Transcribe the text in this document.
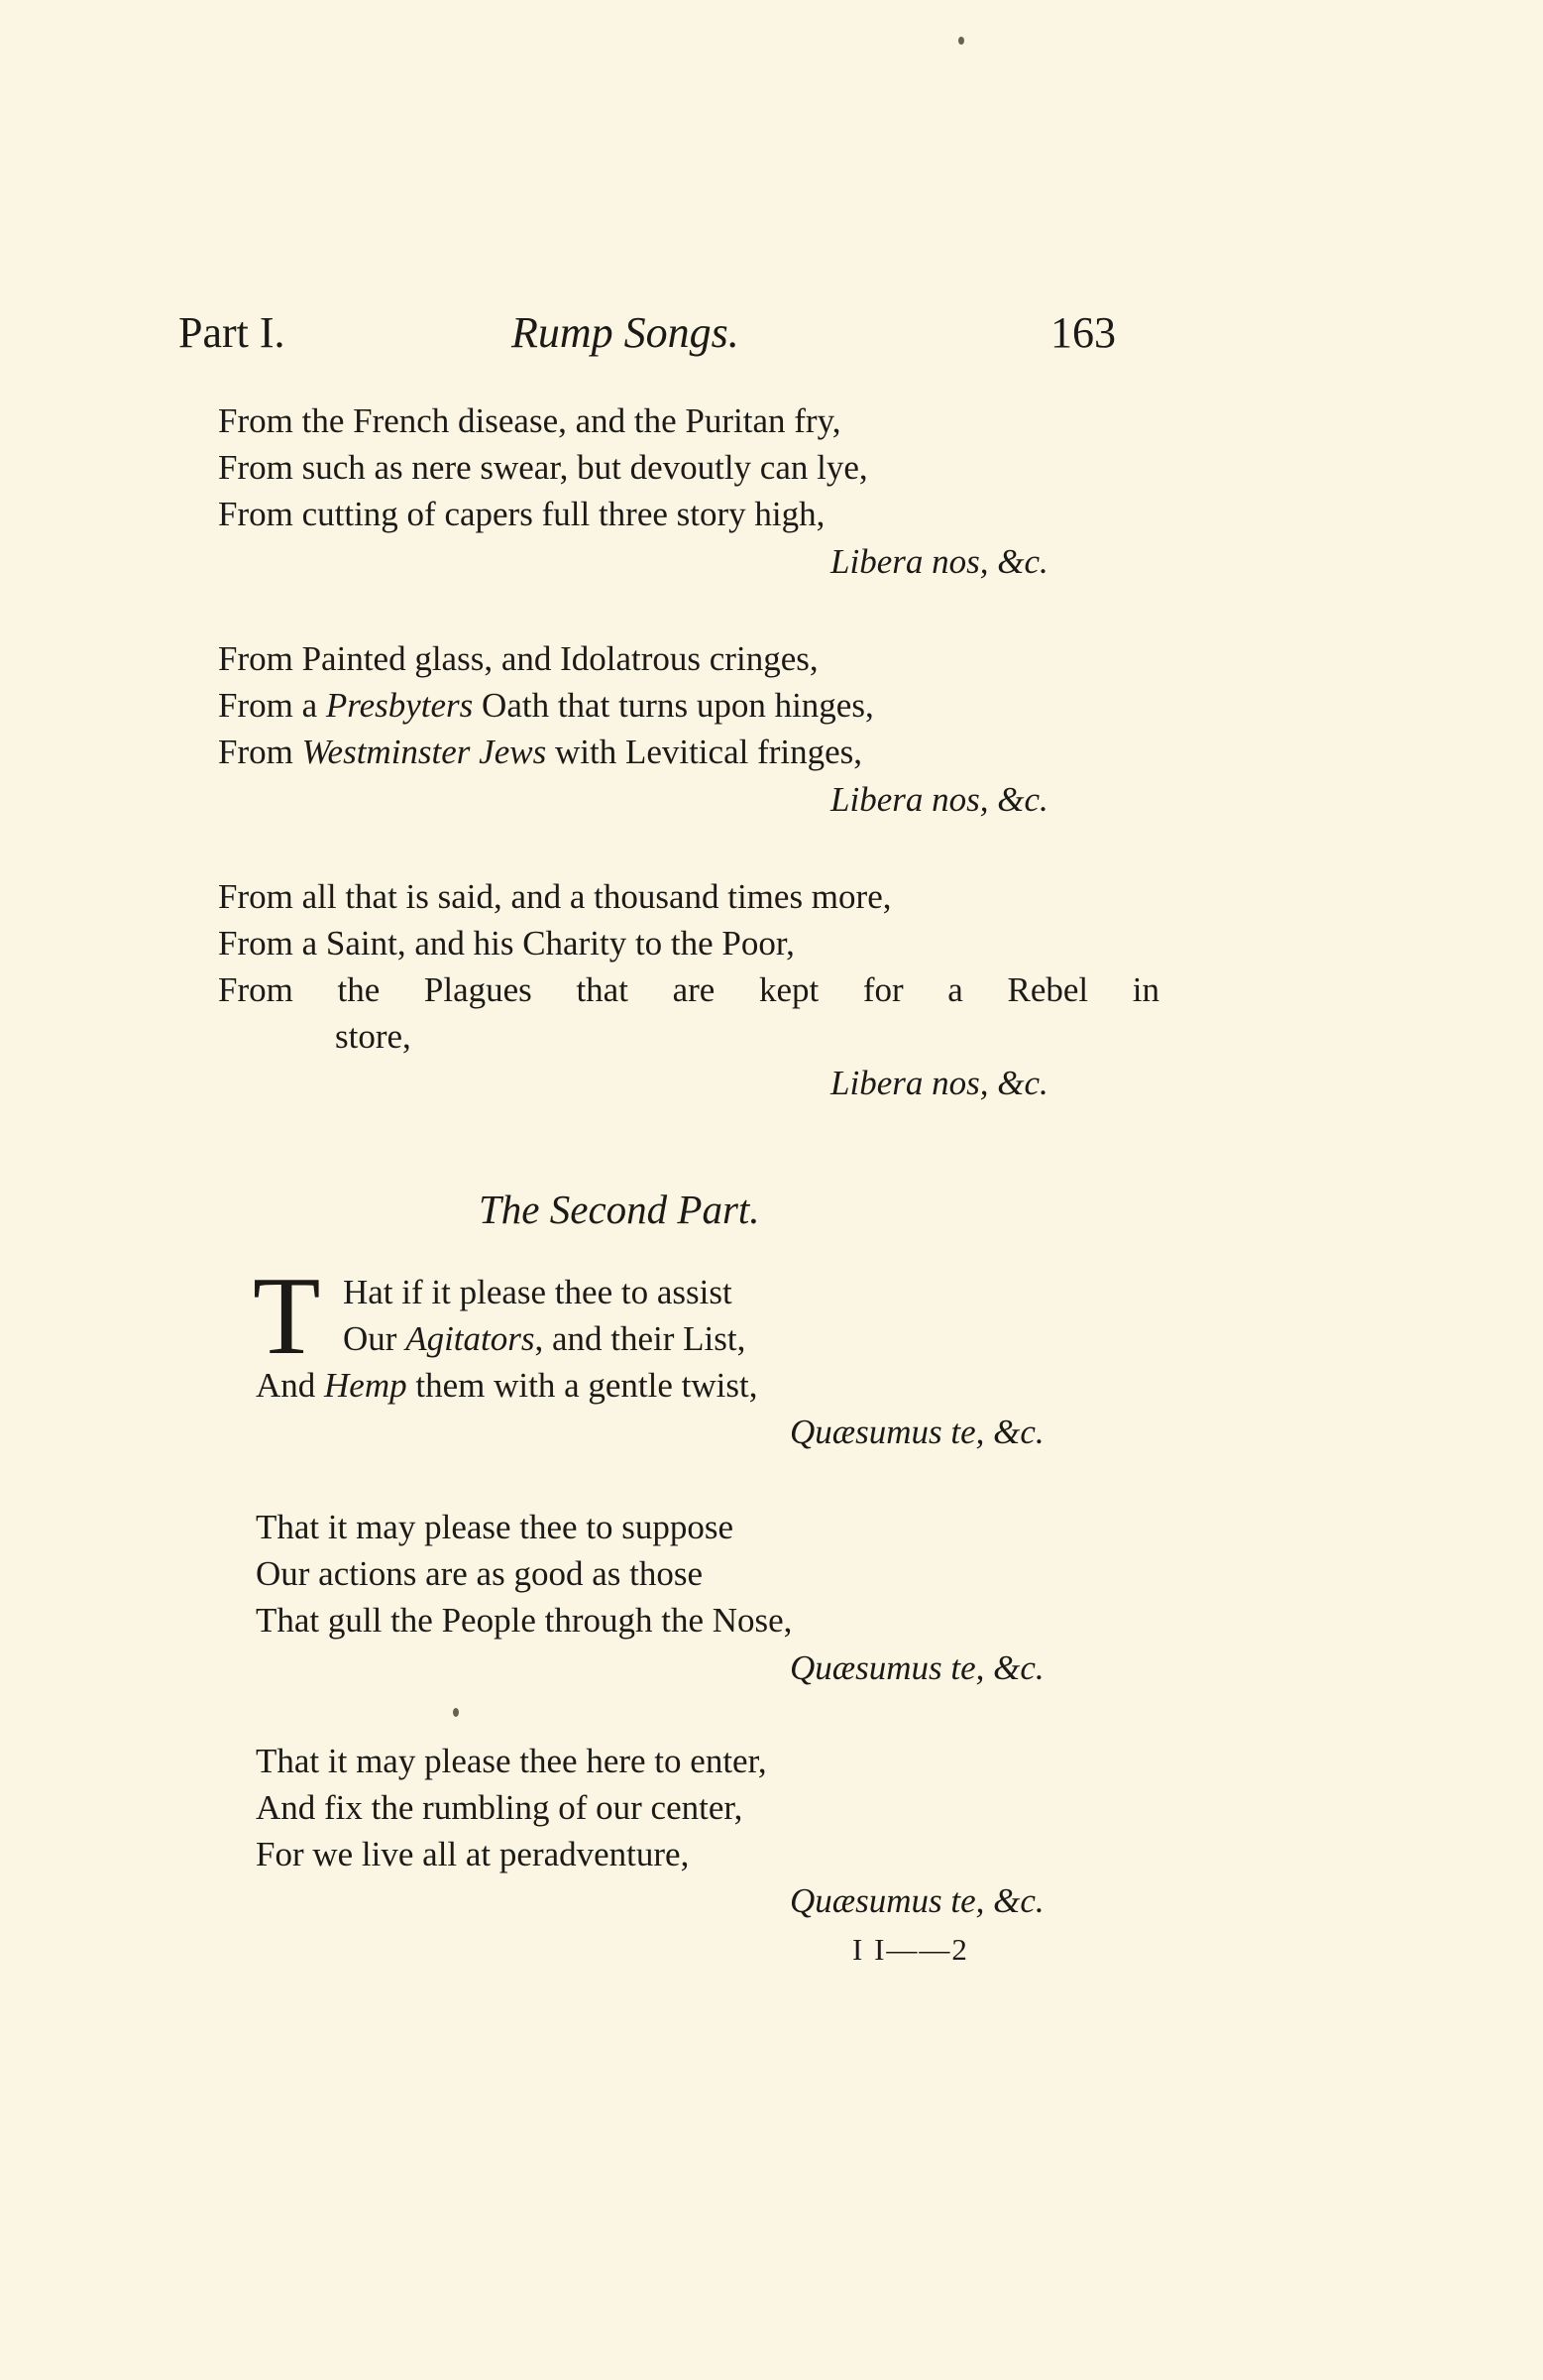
Part I.	Rump Songs.	163
From the French disease, and the Puritan fry,
From such as nere swear, but devoutly can lye,
From cutting of capers full three story high,
Libera nos, &c.
From Painted glass, and Idolatrous cringes,
From a Presbyters Oath that turns upon hinges,
From Westminster Jews with Levitical fringes,
Libera nos, &c.
From all that is said, and a thousand times more,
From a Saint, and his Charity to the Poor,
From the Plagues that are kept for a Rebel in
store,
Libera nos, &c.
The Second Part.
T Hat if it please thee to assist
Our Agitators, and their List,
And Hemp them with a gentle twist,
Quæsumus te, &c.
That it may please thee to suppose
Our actions are as good as those
That gull the People through the Nose,
Quæsumus te, &c.
That it may please thee here to enter,
And fix the rumbling of our center,
For we live all at peradventure,
Quæsumus te, &c.
I I——2
